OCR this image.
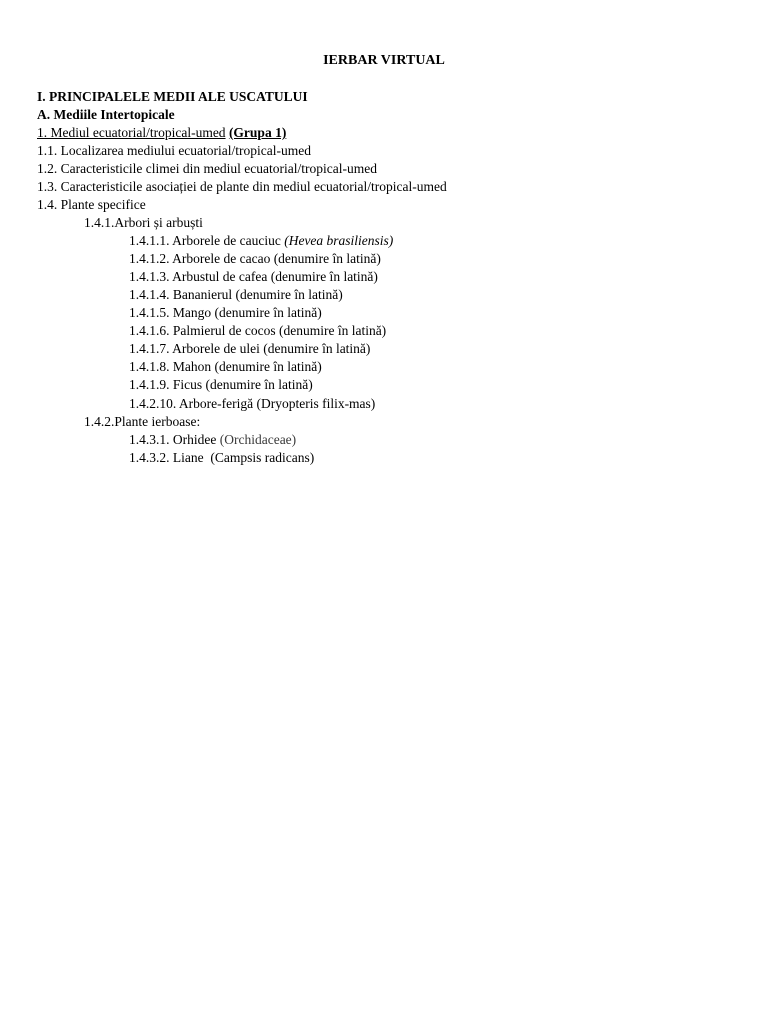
IERBAR VIRTUAL
I. PRINCIPALELE MEDII ALE USCATULUI
A. Mediile Intertopicale
1. Mediul ecuatorial/tropical-umed (Grupa 1)
1.1. Localizarea mediului ecuatorial/tropical-umed
1.2. Caracteristicile climei din mediul ecuatorial/tropical-umed
1.3. Caracteristicile asociației de plante din mediul ecuatorial/tropical-umed
1.4. Plante specifice
1.4.1.Arbori și arbuști
1.4.1.1. Arborele de cauciuc (Hevea brasiliensis)
1.4.1.2. Arborele de cacao (denumire în latină)
1.4.1.3. Arbustul de cafea (denumire în latină)
1.4.1.4. Bananierul (denumire în latină)
1.4.1.5. Mango (denumire în latină)
1.4.1.6. Palmierul de cocos (denumire în latină)
1.4.1.7. Arborele de ulei (denumire în latină)
1.4.1.8. Mahon (denumire în latină)
1.4.1.9. Ficus (denumire în latină)
1.4.2.10. Arbore-ferigă (Dryopteris filix-mas)
1.4.2.Plante ierboase:
1.4.3.1. Orhidee (Orchidaceae)
1.4.3.2. Liane  (Campsis radicans)
